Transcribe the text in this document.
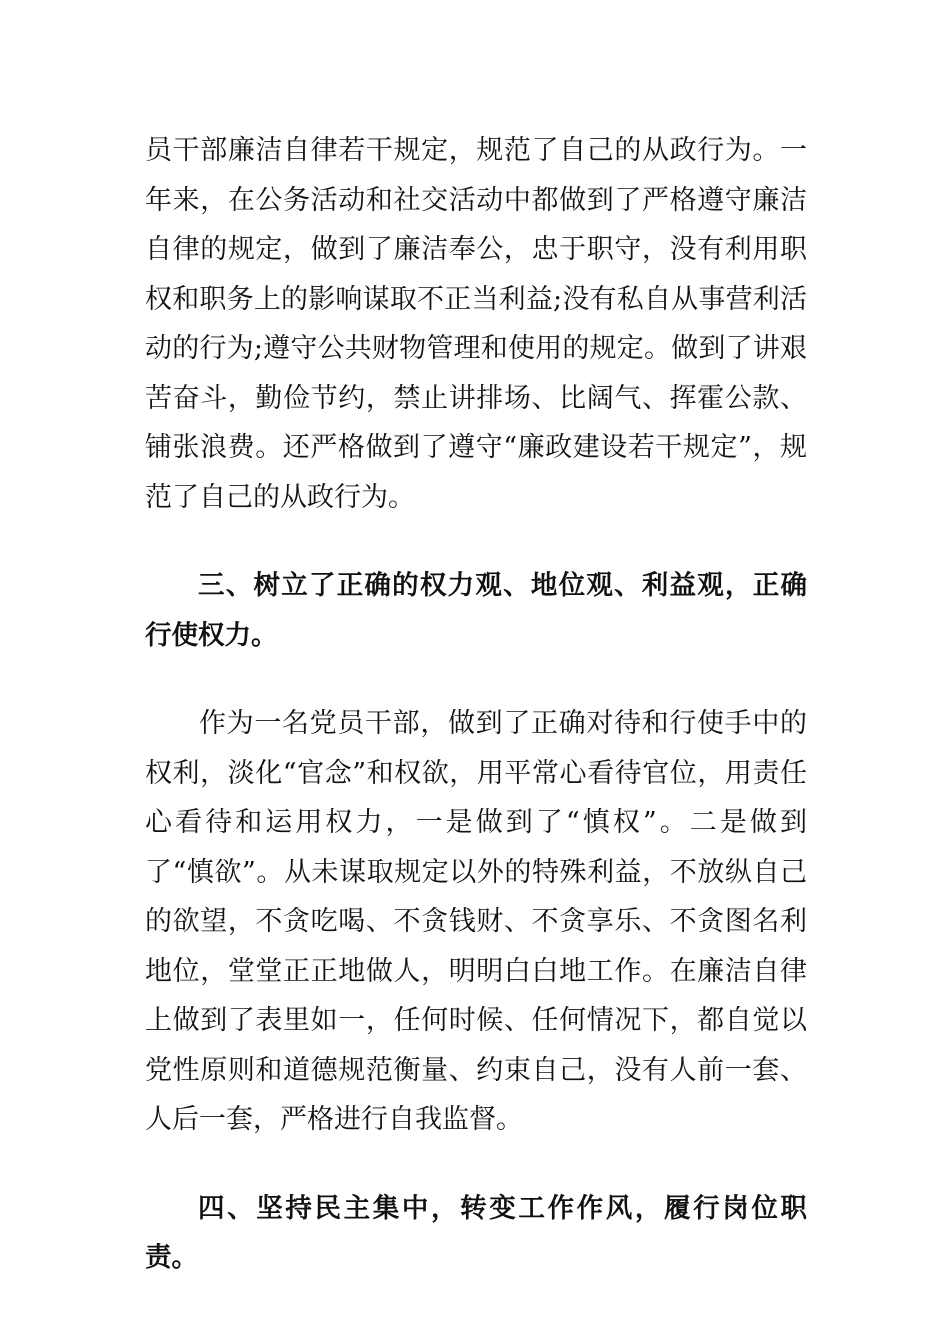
员干部廉洁自律若干规定，规范了自己的从政行为。一年来，在公务活动和社交活动中都做到了严格遵守廉洁自律的规定，做到了廉洁奉公，忠于职守，没有利用职权和职务上的影响谋取不正当利益;没有私自从事营利活动的行为;遵守公共财物管理和使用的规定。做到了讲艰苦奋斗，勤俭节约，禁止讲排场、比阔气、挥霍公款、铺张浪费。还严格做到了遵守“廉政建设若干规定”，规范了自己的从政行为。

三、树立了正确的权力观、地位观、利益观，正确行使权力。

作为一名党员干部，做到了正确对待和行使手中的权利，淡化“官念”和权欲，用平常心看待官位，用责任心看待和运用权力，一是做到了“慎权”。二是做到了“慎欲”。从未谋取规定以外的特殊利益，不放纵自己的欲望，不贪吃喝、不贪钱财、不贪享乐、不贪图名利地位，堂堂正正地做人，明明白白地工作。在廉洁自律上做到了表里如一，任何时候、任何情况下，都自觉以党性原则和道德规范衡量、约束自己，没有人前一套、人后一套，严格进行自我监督。

四、坚持民主集中，转变工作作风，履行岗位职责。
